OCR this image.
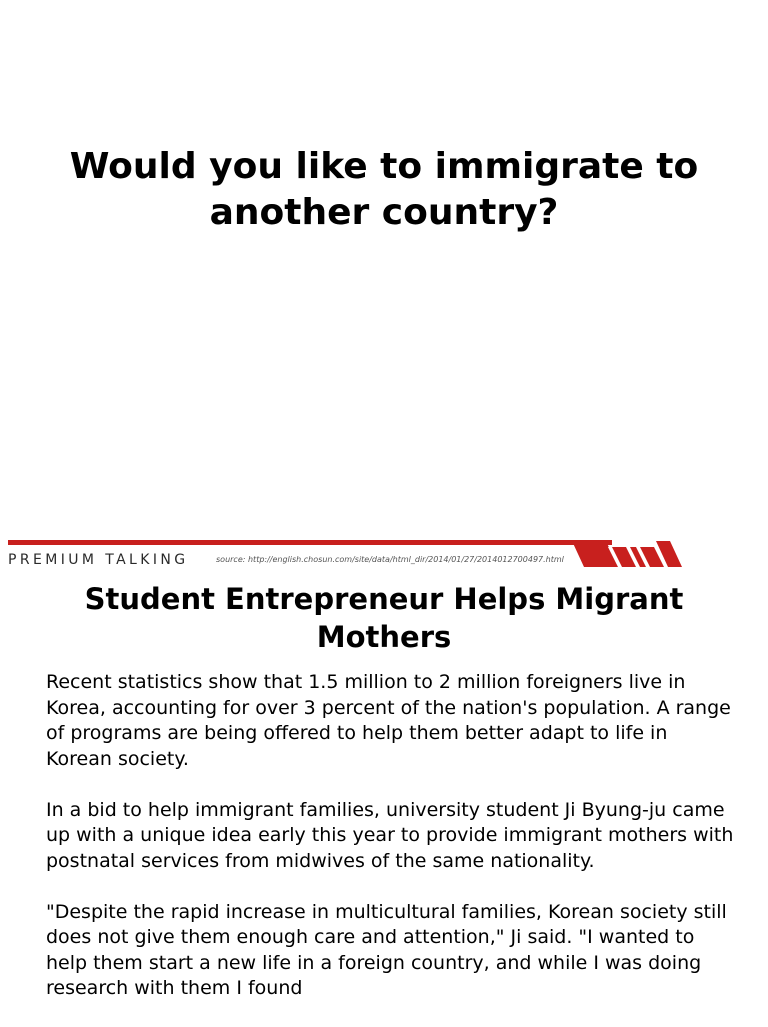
Would you like to immigrate to another country?
PREMIUM TALKING	source: http://english.chosun.com/site/data/html_dir/2014/01/27/2014012700497.html
Student Entrepreneur Helps Migrant Mothers

Recent statistics show that 1.5 million to 2 million foreigners live in Korea, accounting for over 3 percent of the nation's population. A range of programs are being offered to help them better adapt to life in Korean society.

In a bid to help immigrant families, university student Ji Byung-ju came up with a unique idea early this year to provide immigrant mothers with postnatal services from midwives of the same nationality.

"Despite the rapid increase in multicultural families, Korean society still does not give them enough care and attention," Ji said. "I wanted to help them start a new life in a foreign country, and while I was doing research with them I found
